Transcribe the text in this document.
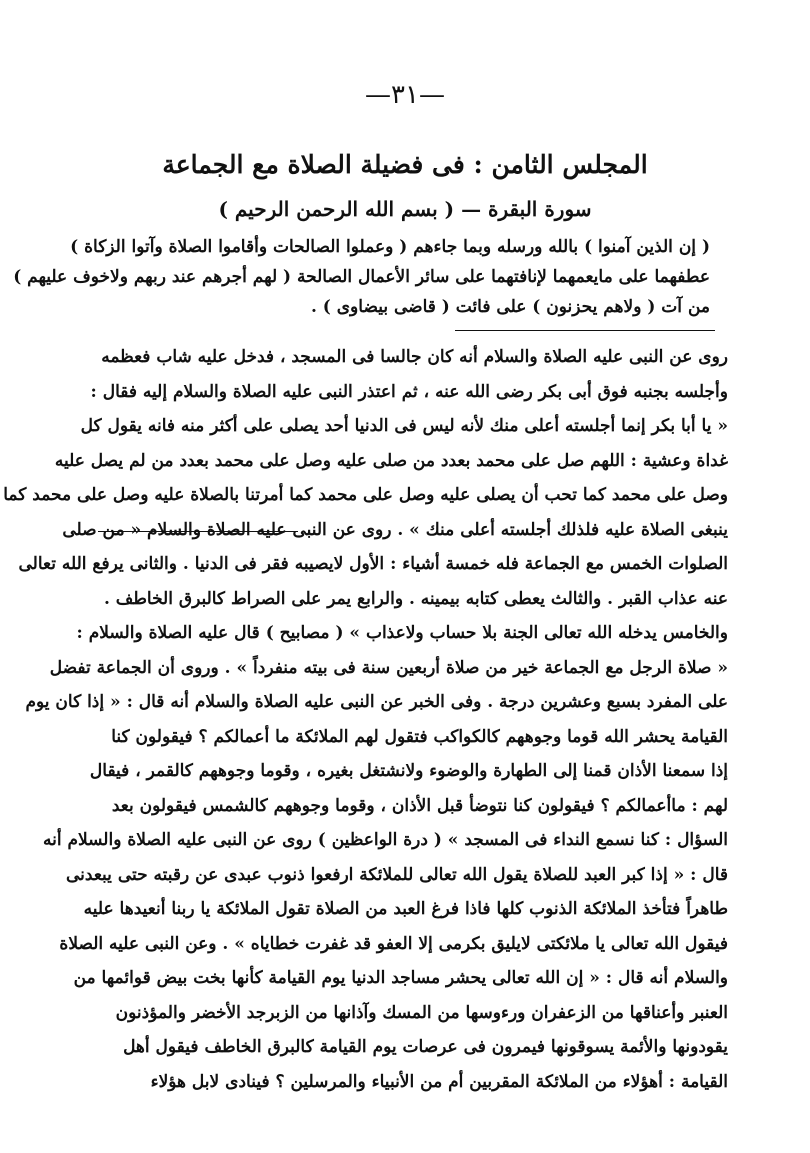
—٣١—
المجلس الثامن : فى فضيلة الصلاة مع الجماعة
سورة البقرة — ( بسم الله الرحمن الرحيم )
( إن الذين آمنوا ) بالله ورسله وبما جاءهم ( وعملوا الصالحات وأقاموا الصلاة وآتوا الزكاة )
عطفهما على مايعمهما لإنافتهما على سائر الأعمال الصالحة ( لهم أجرهم عند ربهم ولاخوف عليهم )
من آت ( ولاهم يحزنون ) على فائت ( قاضى بيضاوى ) .
روى عن النبى عليه الصلاة والسلام أنه كان جالسا فى المسجد ، فدخل عليه شاب فعظمه
وأجلسه بجنبه فوق أبى بكر رضى الله عنه ، ثم اعتذر النبى عليه الصلاة والسلام إليه فقال :
« يا أبا بكر إنما أجلسته أعلى منك لأنه ليس فى الدنيا أحد يصلى على أكثر منه فانه يقول كل
غداة وعشية : اللهم صل على محمد بعدد من صلى عليه وصل على محمد بعدد من لم يصل عليه
وصل على محمد كما تحب أن يصلى عليه وصل على محمد كما أمرتنا بالصلاة عليه وصل على محمد كما
ينبغى الصلاة عليه فلذلك أجلسته أعلى منك » . روى عن النبى عليه الصلاة والسلام « من صلى
الصلوات الخمس مع الجماعة فله خمسة أشياء : الأول لايصيبه فقر فى الدنيا . والثانى يرفع الله تعالى
عنه عذاب القبر . والثالث يعطى كتابه بيمينه . والرابع يمر على الصراط كالبرق الخاطف .
والخامس يدخله الله تعالى الجنة بلا حساب ولاعذاب » ( مصابيح ) قال عليه الصلاة والسلام :
« صلاة الرجل مع الجماعة خير من صلاة أربعين سنة فى بيته منفرداً » . وروى أن الجماعة تفضل
على المفرد بسبع وعشرين درجة . وفى الخبر عن النبى عليه الصلاة والسلام أنه قال : « إذا كان يوم
القيامة يحشر الله قوما وجوههم كالكواكب فتقول لهم الملائكة ما أعمالكم ؟ فيقولون كنا
إذا سمعنا الأذان قمنا إلى الطهارة والوضوء ولانشتغل بغيره ، وقوما وجوههم كالقمر ، فيقال
لهم : ماأعمالكم ؟ فيقولون كنا نتوضأ قبل الأذان ، وقوما وجوههم كالشمس فيقولون بعد
السؤال : كنا نسمع النداء فى المسجد » ( درة الواعظين ) روى عن النبى عليه الصلاة والسلام أنه
قال : « إذا كبر العبد للصلاة يقول الله تعالى للملائكة ارفعوا ذنوب عبدى عن رقبته حتى يبعدنى
طاهراً فتأخذ الملائكة الذنوب كلها فاذا فرغ العبد من الصلاة تقول الملائكة يا ربنا أنعيدها عليه
فيقول الله تعالى يا ملائكتى لايليق بكرمى إلا العفو قد غفرت خطاياه » . وعن النبى عليه الصلاة
والسلام أنه قال : « إن الله تعالى يحشر مساجد الدنيا يوم القيامة كأنها بخت بيض قوائمها من
العنبر وأعناقها من الزعفران ورءوسها من المسك وآذانها من الزبرجد الأخضر والمؤذنون
يقودونها والأئمة يسوقونها فيمرون فى عرصات يوم القيامة كالبرق الخاطف فيقول أهل
القيامة : أهؤلاء من الملائكة المقربين أم من الأنبياء والمرسلين ؟ فينادى لابل هؤلاء
